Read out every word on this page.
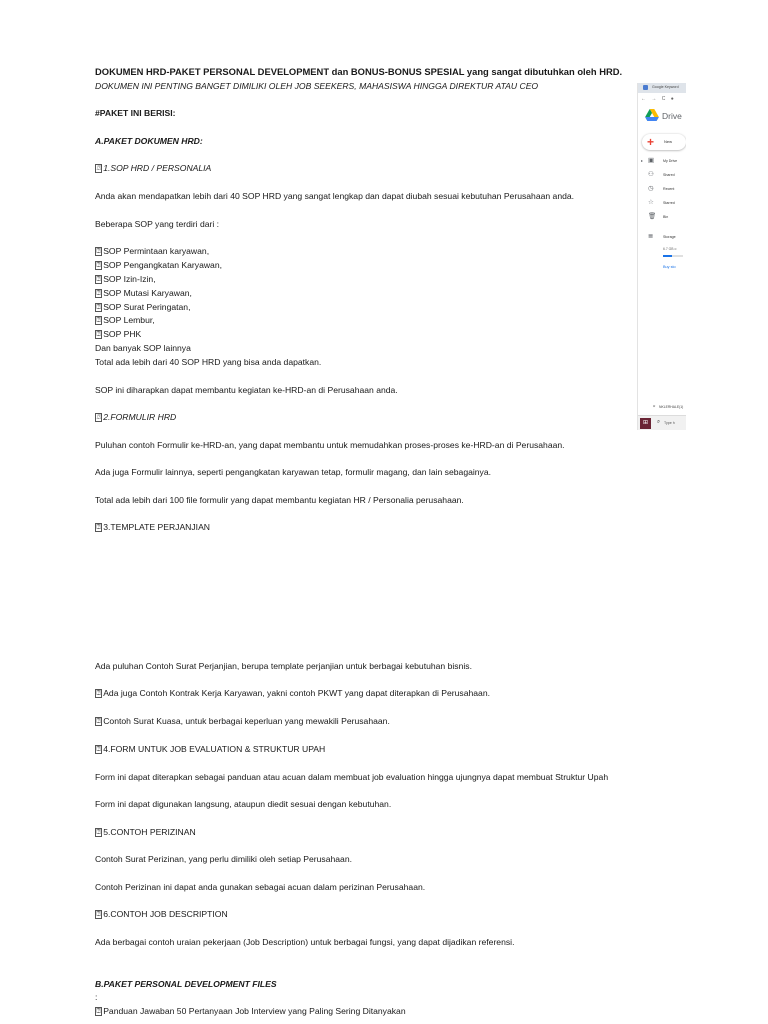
DOKUMEN HRD-PAKET PERSONAL DEVELOPMENT dan BONUS-BONUS SPESIAL yang sangat dibutuhkan oleh HRD.
DOKUMEN INI PENTING BANGET DIMILIKI OLEH JOB SEEKERS, MAHASISWA HINGGA DIREKTUR ATAU CEO
#PAKET INI BERISI:
A.PAKET DOKUMEN HRD:
⍰ 1.SOP HRD / PERSONALIA
Anda akan mendapatkan lebih dari 40 SOP HRD yang sangat lengkap dan dapat diubah sesuai kebutuhan Perusahaan anda.
Beberapa SOP yang terdiri dari :
⍰ SOP Permintaan karyawan,
⍰ SOP Pengangkatan Karyawan,
⍰ SOP Izin-Izin,
⍰ SOP Mutasi Karyawan,
⍰ SOP Surat Peringatan,
⍰ SOP Lembur,
⍰ SOP PHK
Dan banyak SOP lainnya
Total ada lebih dari 40 SOP HRD yang bisa anda dapatkan.
SOP ini diharapkan dapat membantu kegiatan ke-HRD-an di Perusahaan anda.
⍰ 2.FORMULIR HRD
Puluhan contoh Formulir ke-HRD-an, yang dapat membantu untuk memudahkan proses-proses ke-HRD-an di Perusahaan.
Ada juga Formulir lainnya, seperti pengangkatan karyawan tetap, formulir magang, dan lain sebagainya.
Total ada lebih dari 100 file formulir yang dapat membantu kegiatan HR / Personalia perusahaan.
⍰ 3.TEMPLATE PERJANJIAN
Ada puluhan Contoh Surat Perjanjian, berupa template perjanjian untuk berbagai kebutuhan bisnis.
⍰ Ada juga Contoh Kontrak Kerja Karyawan, yakni contoh PKWT yang dapat diterapkan di Perusahaan.
⍰ Contoh Surat Kuasa, untuk berbagai keperluan yang mewakili Perusahaan.
⍰ 4.FORM UNTUK JOB EVALUATION & STRUKTUR UPAH
Form ini dapat diterapkan sebagai panduan atau acuan dalam membuat job evaluation hingga ujungnya dapat membuat Struktur Upah
Form ini dapat digunakan langsung, ataupun diedit sesuai dengan kebutuhan.
⍰ 5.CONTOH PERIZINAN
Contoh Surat Perizinan, yang perlu dimiliki oleh setiap Perusahaan.
Contoh Perizinan ini dapat anda gunakan sebagai acuan dalam perizinan Perusahaan.
⍰ 6.CONTOH JOB DESCRIPTION
Ada berbagai contoh uraian pekerjaan (Job Description) untuk berbagai fungsi, yang dapat dijadikan referensi.
B.PAKET PERSONAL DEVELOPMENT FILES
:
⍰ Panduan Jawaban 50 Pertanyaan Job Interview yang Paling Sering Ditanyakan
Google Keyword
← → C ●
Drive
+ New
▸ ▣ My Drive
⚇	Shared
◷	Recent
☆	Starred
🗑 Bin
≣	Storage
6.7 GB o
Buy sto
⌅ NKLERHALE(1)
⊞ ⌕ Type h
